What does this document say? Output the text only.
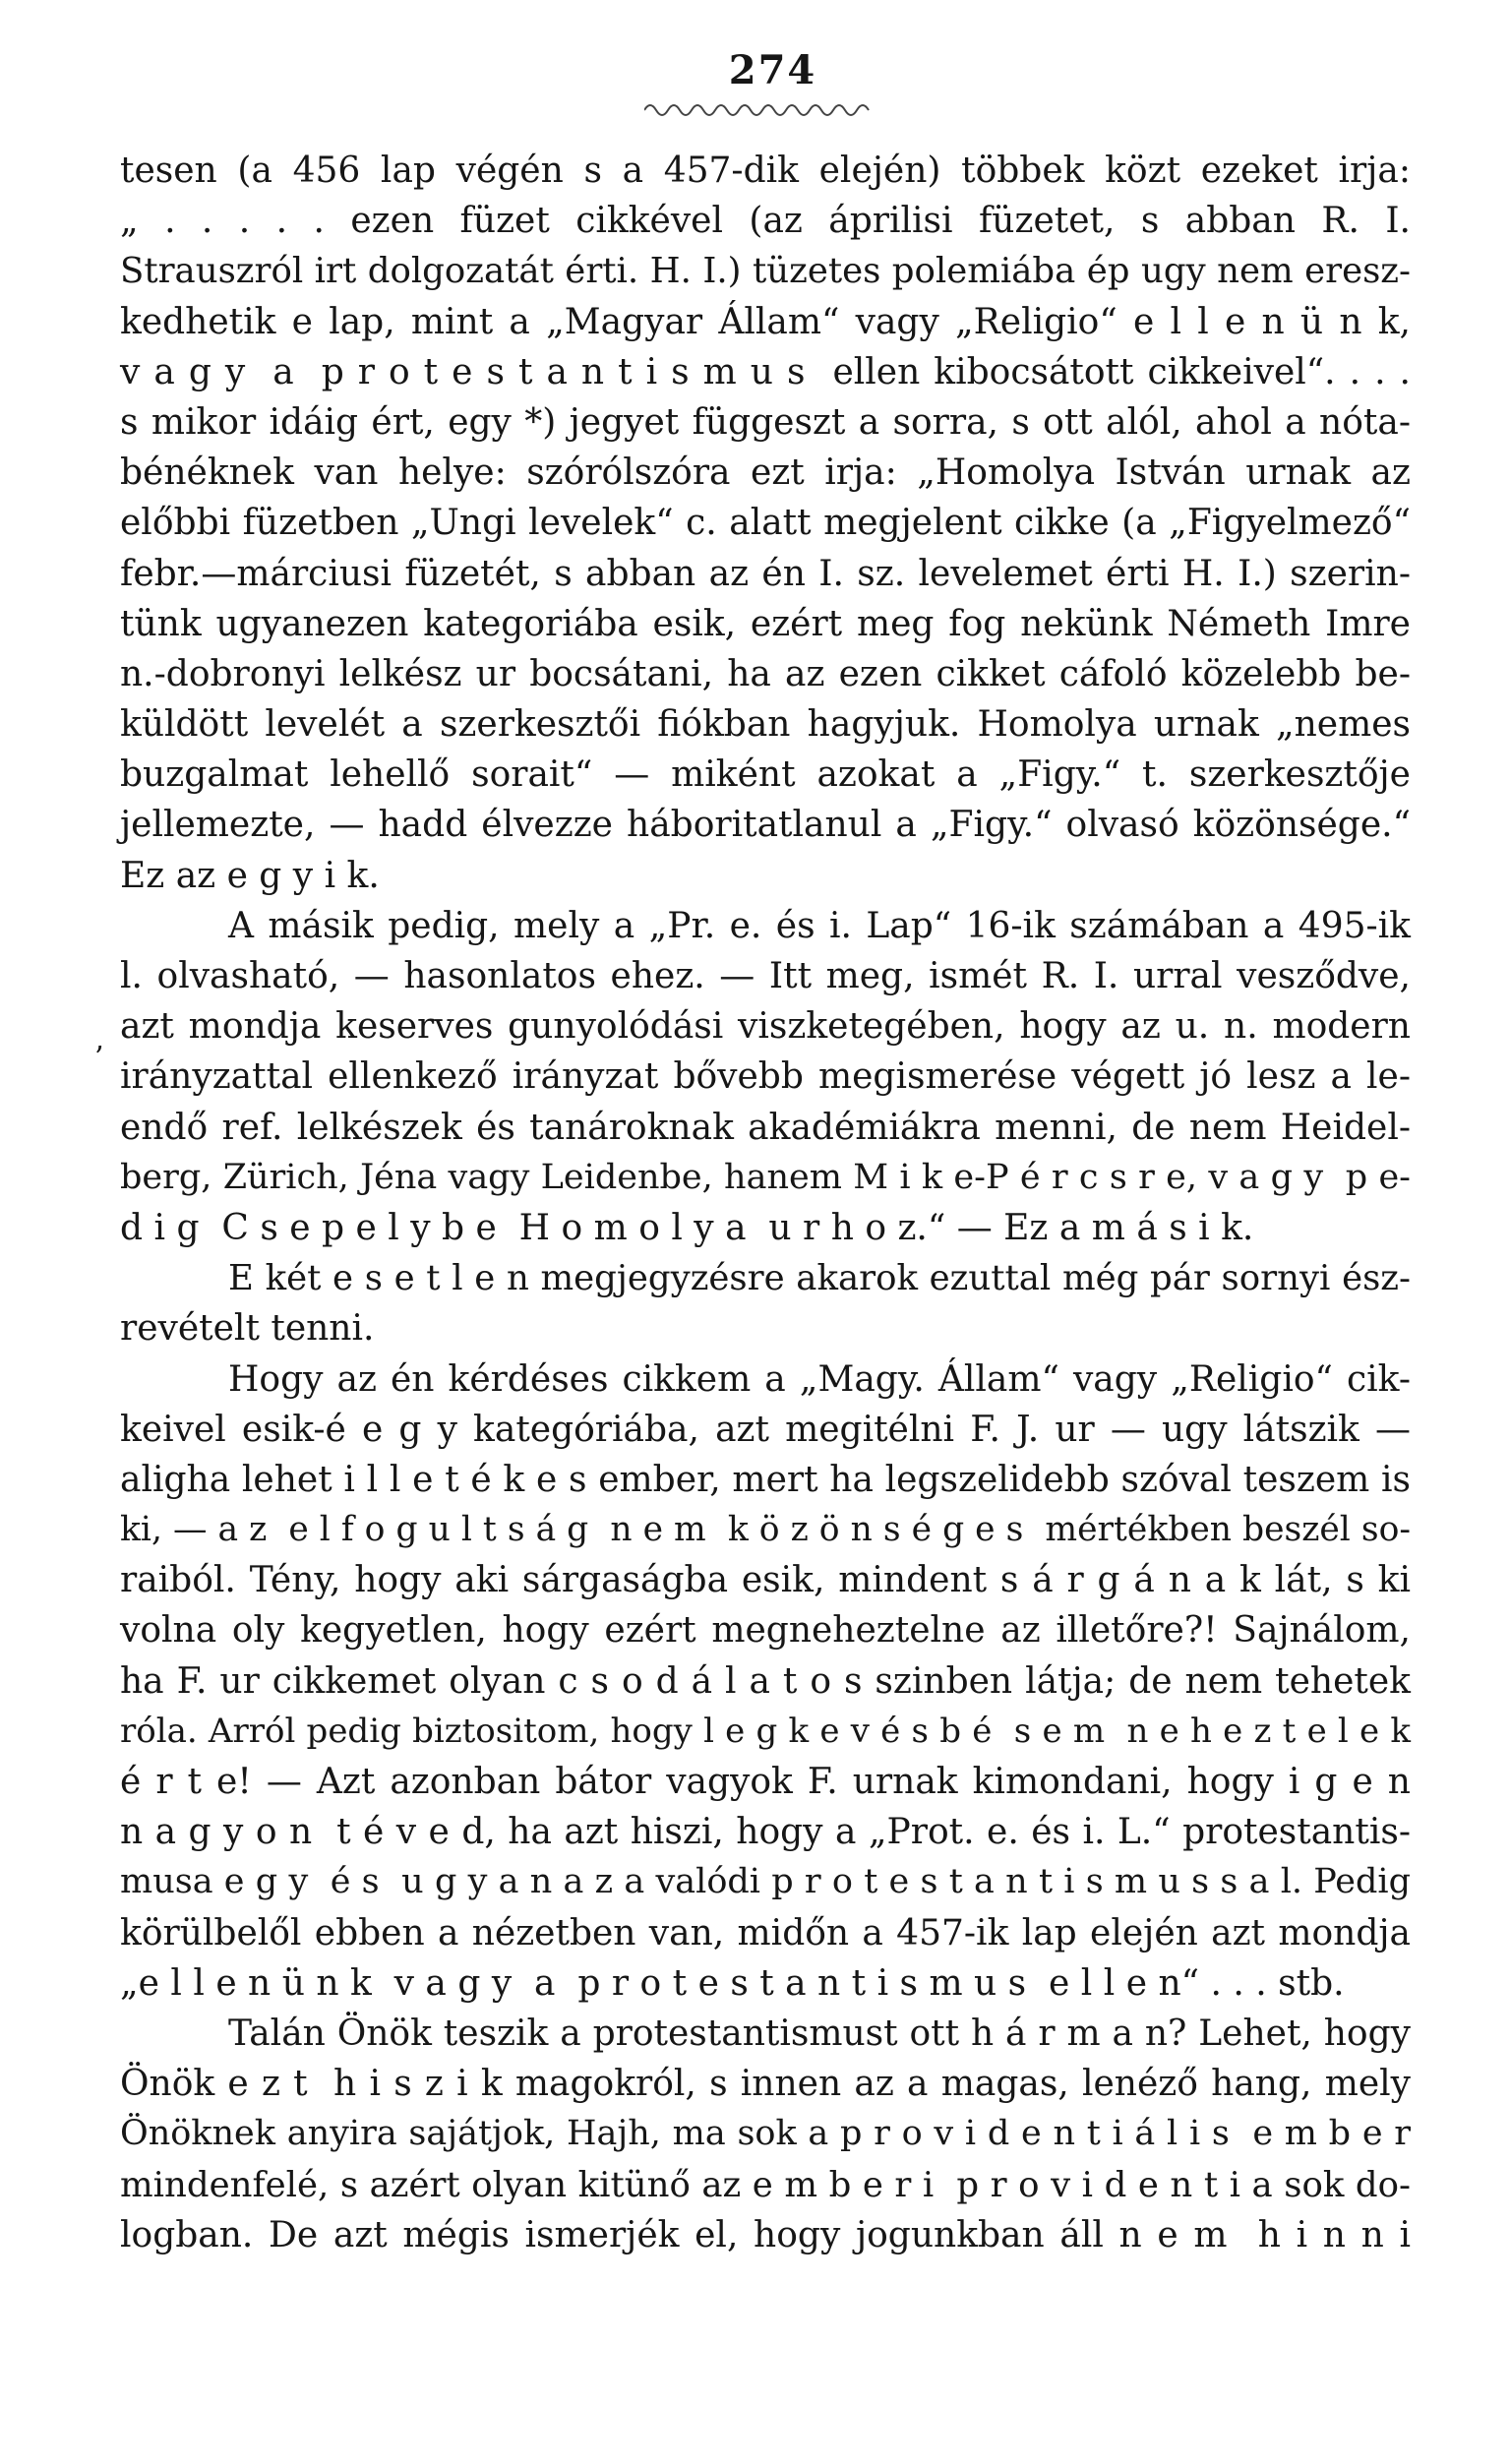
274
’
tesen (a 456 lap végén s a 457-dik elején) többek közt ezeket irja:
„ . . . . . ezen füzet cikkével (az áprilisi füzetet, s abban R. I.
Strauszról irt dolgozatát érti. H. I.) tüzetes polemiába ép ugy nem eresz-
kedhetik e lap, mint a „Magyar Állam“ vagy „Religio“ e l l e n ü n k,
v a g y  a  p r o t e s t a n t i s m u s  ellen kibocsátott cikkeivel“. . . .
s mikor idáig ért, egy *) jegyet függeszt a sorra, s ott alól, ahol a nóta-
bénéknek van helye: szórólszóra ezt irja: „Homolya István urnak az
előbbi füzetben „Ungi levelek“ c. alatt megjelent cikke (a „Figyelmező“
febr.—márciusi füzetét, s abban az én I. sz. levelemet érti H. I.) szerin-
tünk ugyanezen kategoriába esik, ezért meg fog nekünk Németh Imre
n.-dobronyi lelkész ur bocsátani, ha az ezen cikket cáfoló közelebb be-
küldött levelét a szerkesztői fiókban hagyjuk. Homolya urnak „nemes
buzgalmat lehellő sorait“ — miként azokat a „Figy.“ t. szerkesztője
jellemezte, — hadd élvezze háboritatlanul a „Figy.“ olvasó közönsége.“
Ez az e g y i k.
A másik pedig, mely a „Pr. e. és i. Lap“ 16-ik számában a 495-ik
l. olvasható, — hasonlatos ehez. — Itt meg, ismét R. I. urral vesződve,
azt mondja keserves gunyolódási viszketegében, hogy az u. n. modern
irányzattal ellenkező irányzat bővebb megismerése végett jó lesz a le-
endő ref. lelkészek és tanároknak akadémiákra menni, de nem Heidel-
berg, Zürich, Jéna vagy Leidenbe, hanem M i k e-P é r c s r e, v a g y  p e-
d i g  C s e p e l y b e  H o m o l y a  u r h o z.“ — Ez a m á s i k.
E két e s e t l e n megjegyzésre akarok ezuttal még pár sornyi ész-
revételt tenni.
Hogy az én kérdéses cikkem a „Magy. Állam“ vagy „Religio“ cik-
keivel esik-é e g y kategóriába, azt megitélni F. J. ur — ugy látszik —
aligha lehet i l l e t é k e s ember, mert ha legszelidebb szóval teszem is
ki, — a z  e l f o g u l t s á g  n e m  k ö z ö n s é g e s  mértékben beszél so-
raiból. Tény, hogy aki sárgaságba esik, mindent s á r g á n a k lát, s ki
volna oly kegyetlen, hogy ezért megneheztelne az illetőre?! Sajnálom,
ha F. ur cikkemet olyan c s o d á l a t o s szinben látja; de nem tehetek
róla. Arról pedig biztositom, hogy l e g k e v é s b é  s e m  n e h e z t e l e k
é r t e! — Azt azonban bátor vagyok F. urnak kimondani, hogy i g e n
n a g y o n  t é v e d, ha azt hiszi, hogy a „Prot. e. és i. L.“ protestantis-
musa e g y  é s  u g y a n a z a valódi p r o t e s t a n t i s m u s s a l. Pedig
körülbelől ebben a nézetben van, midőn a 457-ik lap elején azt mondja
„e l l e n ü n k  v a g y  a  p r o t e s t a n t i s m u s  e l l e n“ . . . stb.
Talán Önök teszik a protestantismust ott h á r m a n? Lehet, hogy
Önök e z t  h i s z i k magokról, s innen az a magas, lenéző hang, mely
Önöknek anyira sajátjok, Hajh, ma sok a p r o v i d e n t i á l i s  e m b e r
mindenfelé, s azért olyan kitünő az e m b e r i  p r o v i d e n t i a sok do-
logban. De azt mégis ismerjék el, hogy jogunkban áll n e m  h i n n i
